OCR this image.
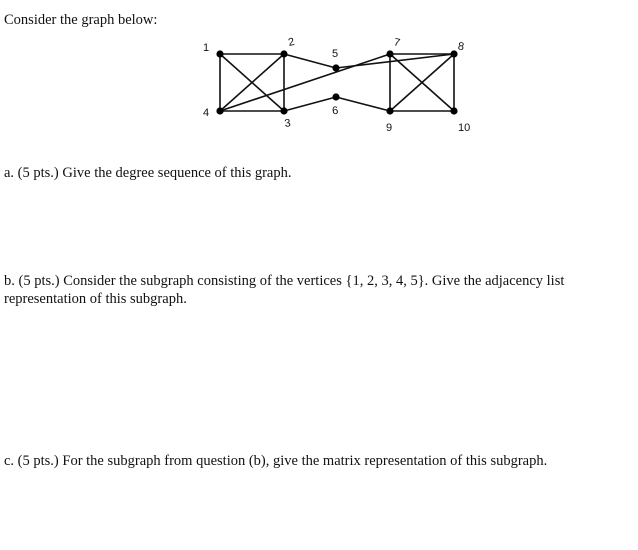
Consider the graph below:
1	2
3
4
5
6
7	8
9	10
a. (5 pts.) Give the degree sequence of this graph.
b. (5 pts.) Consider the subgraph consisting of the vertices {1, 2, 3, 4, 5}. Give the adjacency list
representation of this subgraph.
c. (5 pts.) For the subgraph from question (b), give the matrix representation of this subgraph.
